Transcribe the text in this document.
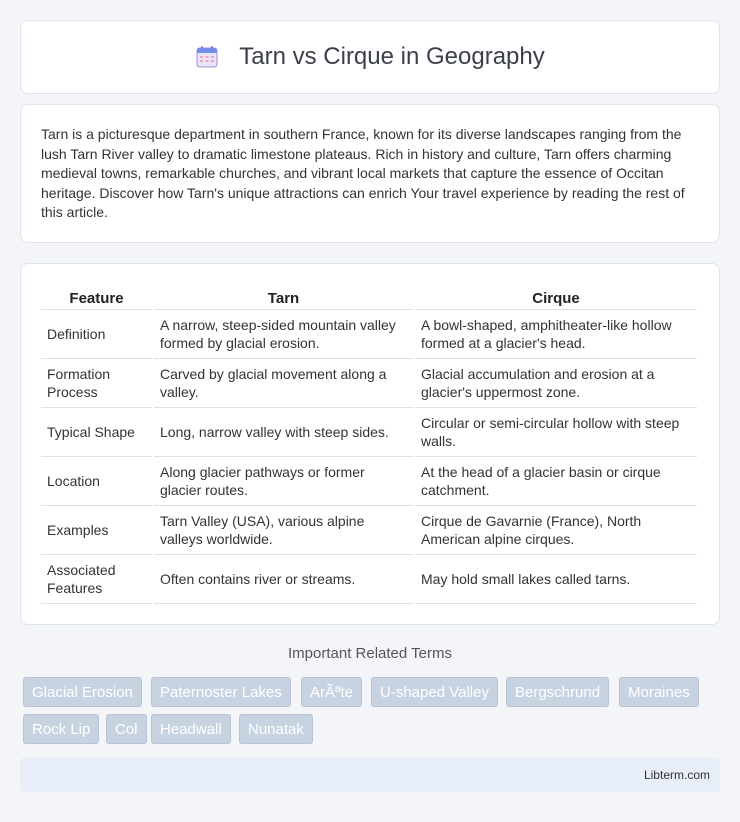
Tarn vs Cirque in Geography

Tarn is a picturesque department in southern France, known for its diverse landscapes ranging from the lush Tarn River valley to dramatic limestone plateaus. Rich in history and culture, Tarn offers charming medieval towns, remarkable churches, and vibrant local markets that capture the essence of Occitan heritage. Discover how Tarn's unique attractions can enrich Your travel experience by reading the rest of this article.

Feature	Tarn	Cirque
Definition	A narrow, steep-sided mountain valley formed by glacial erosion.	A bowl-shaped, amphitheater-like hollow formed at a glacier's head.
Formation Process	Carved by glacial movement along a valley.	Glacial accumulation and erosion at a glacier's uppermost zone.
Typical Shape	Long, narrow valley with steep sides.	Circular or semi-circular hollow with steep walls.
Location	Along glacier pathways or former glacier routes.	At the head of a glacier basin or cirque catchment.
Examples	Tarn Valley (USA), various alpine valleys worldwide.	Cirque de Gavarnie (France), North American alpine cirques.
Associated Features	Often contains river or streams.	May hold small lakes called tarns.
Important Related Terms
Glacial Erosion	Paternoster Lakes	ArÃªte	U-shaped Valley	Bergschrund	Moraines
Rock Lip	Col	Headwall	Nunatak
Libterm.com
